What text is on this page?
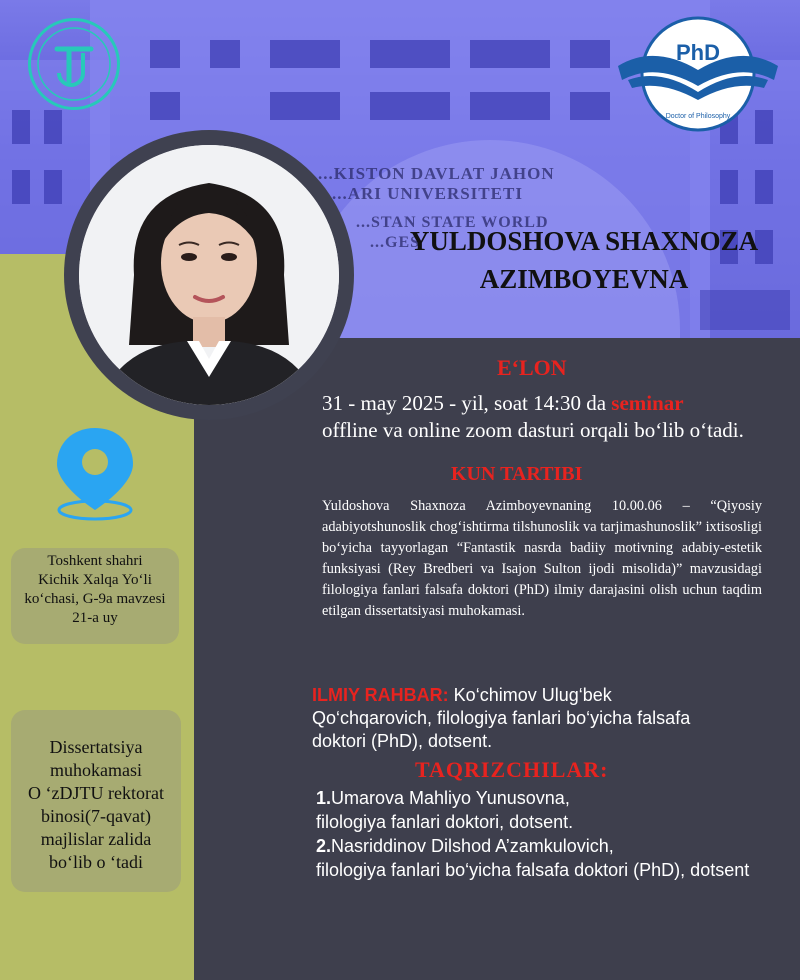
...KISTON DAVLAT JAHON
...ARI UNIVERSITETI
...STAN STATE WORLD
...GES
PhD
Doctor of Philosophy
YULDOSHOVA SHAXNOZA
AZIMBOYEVNA
Toshkent shahri
Kichik Xalqa Yo‘li
ko‘chasi, G-9a mavzesi
21-a uy
Dissertatsiya
muhokamasi
O ‘zDJTU rektorat
binosi(7-qavat)
majlislar zalida
bo‘lib o ‘tadi
E‘LON
31 - may 2025 - yil, soat 14:30 da seminar
offline va online zoom dasturi orqali bo‘lib o‘tadi.
KUN TARTIBI
Yuldoshova Shaxnoza Azimboyevnaning 10.00.06 – “Qiyosiy adabiyotshunoslik chog‘ishtirma tilshunoslik va tarjimashunoslik” ixtisosligi bo‘yicha tayyorlagan “Fantastik nasrda badiiy motivning adabiy-estetik funksiyasi (Rey Bredberi va Isajon Sulton ijodi misolida)” mavzusidagi filologiya fanlari falsafa doktori (PhD) ilmiy darajasini olish uchun taqdim etilgan dissertatsiyasi muhokamasi.
ILMIY RAHBAR: Ko‘chimov Ulug‘bek Qo‘chqarovich, filologiya fanlari bo‘yicha falsafa doktori (PhD), dotsent.
TAQRIZCHILAR:
1.Umarova Mahliyo Yunusovna,
filologiya fanlari doktori, dotsent.
2.Nasriddinov Dilshod A’zamkulovich,
filologiya fanlari bo‘yicha falsafa doktori (PhD), dotsent
